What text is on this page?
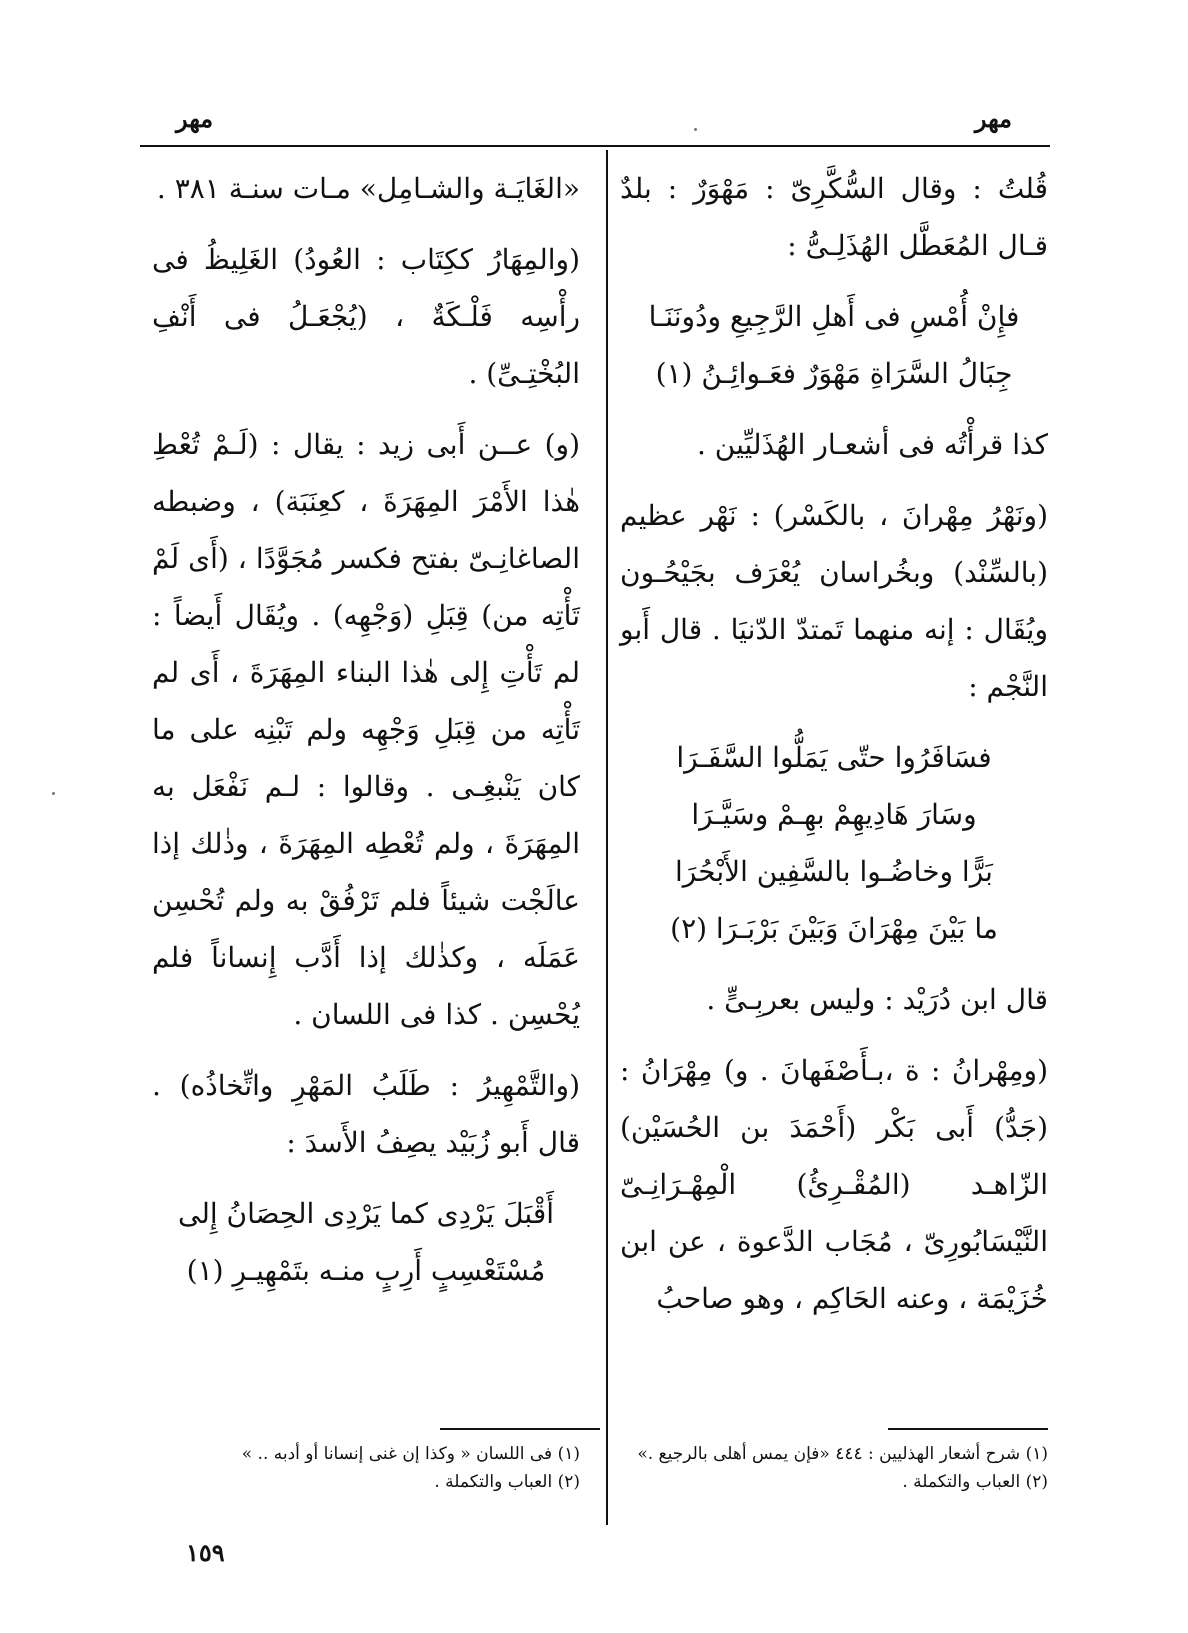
مهر
مهر

قُلتُ : وقال السُّكَّرِىّ : مَهْوَرٌ : بلدٌ قـال المُعَطَّل الهُذَلِـىُّ :

فإِنْ أُمْسِ فى أَهلِ الرَّجِيعِ ودُونَنَـا
جِبَالُ السَّرَاةِ مَهْوَرٌ فعَـوائِـنُ (١)

كذا قرأْتُه فى أشعـار الهُذَليِّين .

(ونَهْرُ مِهْرانَ ، بالكَسْر) : نَهْر عظيم (بالسِّنْد) وبخُراسان يُعْرَف بجَيْحُـون ويُقَال : إنه منهما تَمتدّ الدّنيَا . قال أَبو النَّجْم :

فسَافَرُوا حتّى يَمَلُّوا السَّفَـرَا
وسَارَ هَادِيهِمْ بهِـمْ وسَيَّـرَا
بَرًّا وخاضُـوا بالسَّفِين الأَبْحُرَا
ما بَيْنَ مِهْرَانَ وَبَيْنَ بَرْبَـرَا (٢)

قال ابن دُرَيْد : وليس بعربِـىٍّ .

(ومِهْرانُ : ة ،بـأَصْفَهانَ . و) مِهْرَانُ : (جَدُّ) أَبى بَكْر (أَحْمَدَ بن الحُسَيْن) الزّاهـد (المُقْـرِئُ) الْمِهْـرَانِـىّ النَّيْسَابُورِىّ ، مُجَاب الدَّعوة ، عن ابن خُزَيْمَة ، وعنه الحَاكِم ، وهو صاحبُ

«الغَايَـة والشـامِل» مـات سنـة ٣٨١ .

(والمِهَارُ ككِتَاب : العُودُ) الغَلِيظُ فى رأْسِه فَلْـكَةٌ ، (يُجْعَـلُ فى أَنْفِ البُخْتِـىِّ) .

(و) عــن أَبى زيد : يقال : (لَـمْ تُعْطِ هٰذا الأَمْرَ المِهَرَةَ ، كعِنَبَة) ، وضبطه الصاغانِـىّ بفتح فكسر مُجَوَّدًا ، (أَى لَمْ تَأْتِه من) قِبَلِ (وَجْهِه) . ويُقَال أَيضاً : لم تَأْتِ إِلى هٰذا البناء المِهَرَةَ ، أَى لم تَأْتِه من قِبَلِ وَجْهِه ولم تَبْنِه على ما كان يَنْبغِـى . وقالوا : لـم نَفْعَل به المِهَرَةَ ، ولم تُعْطِه المِهَرَةَ ، وذٰلك إذا عالَجْت شيئاً فلم تَرْفُقْ به ولم تُحْسِن عَمَلَه ، وكذٰلك إذا أَدَّب إِنساناً فلم يُحْسِن . كذا فى اللسان .

(والتَّمْهِيرُ : طَلَبُ المَهْرِ واتِّخاذُه) . قال أَبو زُبَيْد يصِفُ الأَسدَ :

أَقْبَلَ يَرْدِى كما يَرْدِى الحِصَانُ إِلى
مُسْتَعْسِبٍ أَرِبٍ منـه بتَمْهِيـرِ (١)
(١) شرح أشعار الهذليين : ٤٤٤ «فإن يمس أهلى بالرجيع .»
(٢) العباب والتكملة .
(١) فى اللسان « وكذا إن غنى إنسانا أو أدبه .. »
(٢) العباب والتكملة .
١٥٩
